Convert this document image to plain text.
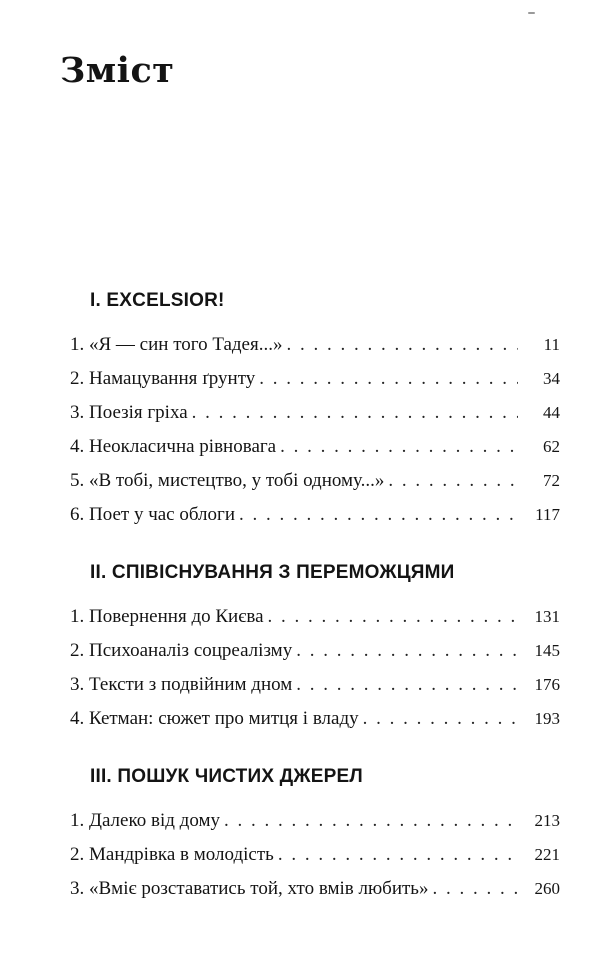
Зміст
I. EXCELSIOR!
1. «Я — син того Тадея...» . . .	11
2. Намацування ґрунту . . .	34
3. Поезія гріха . . .	44
4. Неокласична рівновага . . .	62
5. «В тобі, мистецтво, у тобі одному...» . . .	72
6. Поет у час облоги . . .	117
II. СПІВІСНУВАННЯ З ПЕРЕМОЖЦЯМИ
1. Повернення до Києва . . .	131
2. Психоаналіз соцреалізму . . .	145
3. Тексти з подвійним дном . . .	176
4. Кетман: сюжет про митця і владу . . .	193
III. ПОШУК ЧИСТИХ ДЖЕРЕЛ
1. Далеко від дому . . .	213
2. Мандрівка в молодість . . .	221
3. «Вміє розставатись той, хто вмів любить» . . .	260
